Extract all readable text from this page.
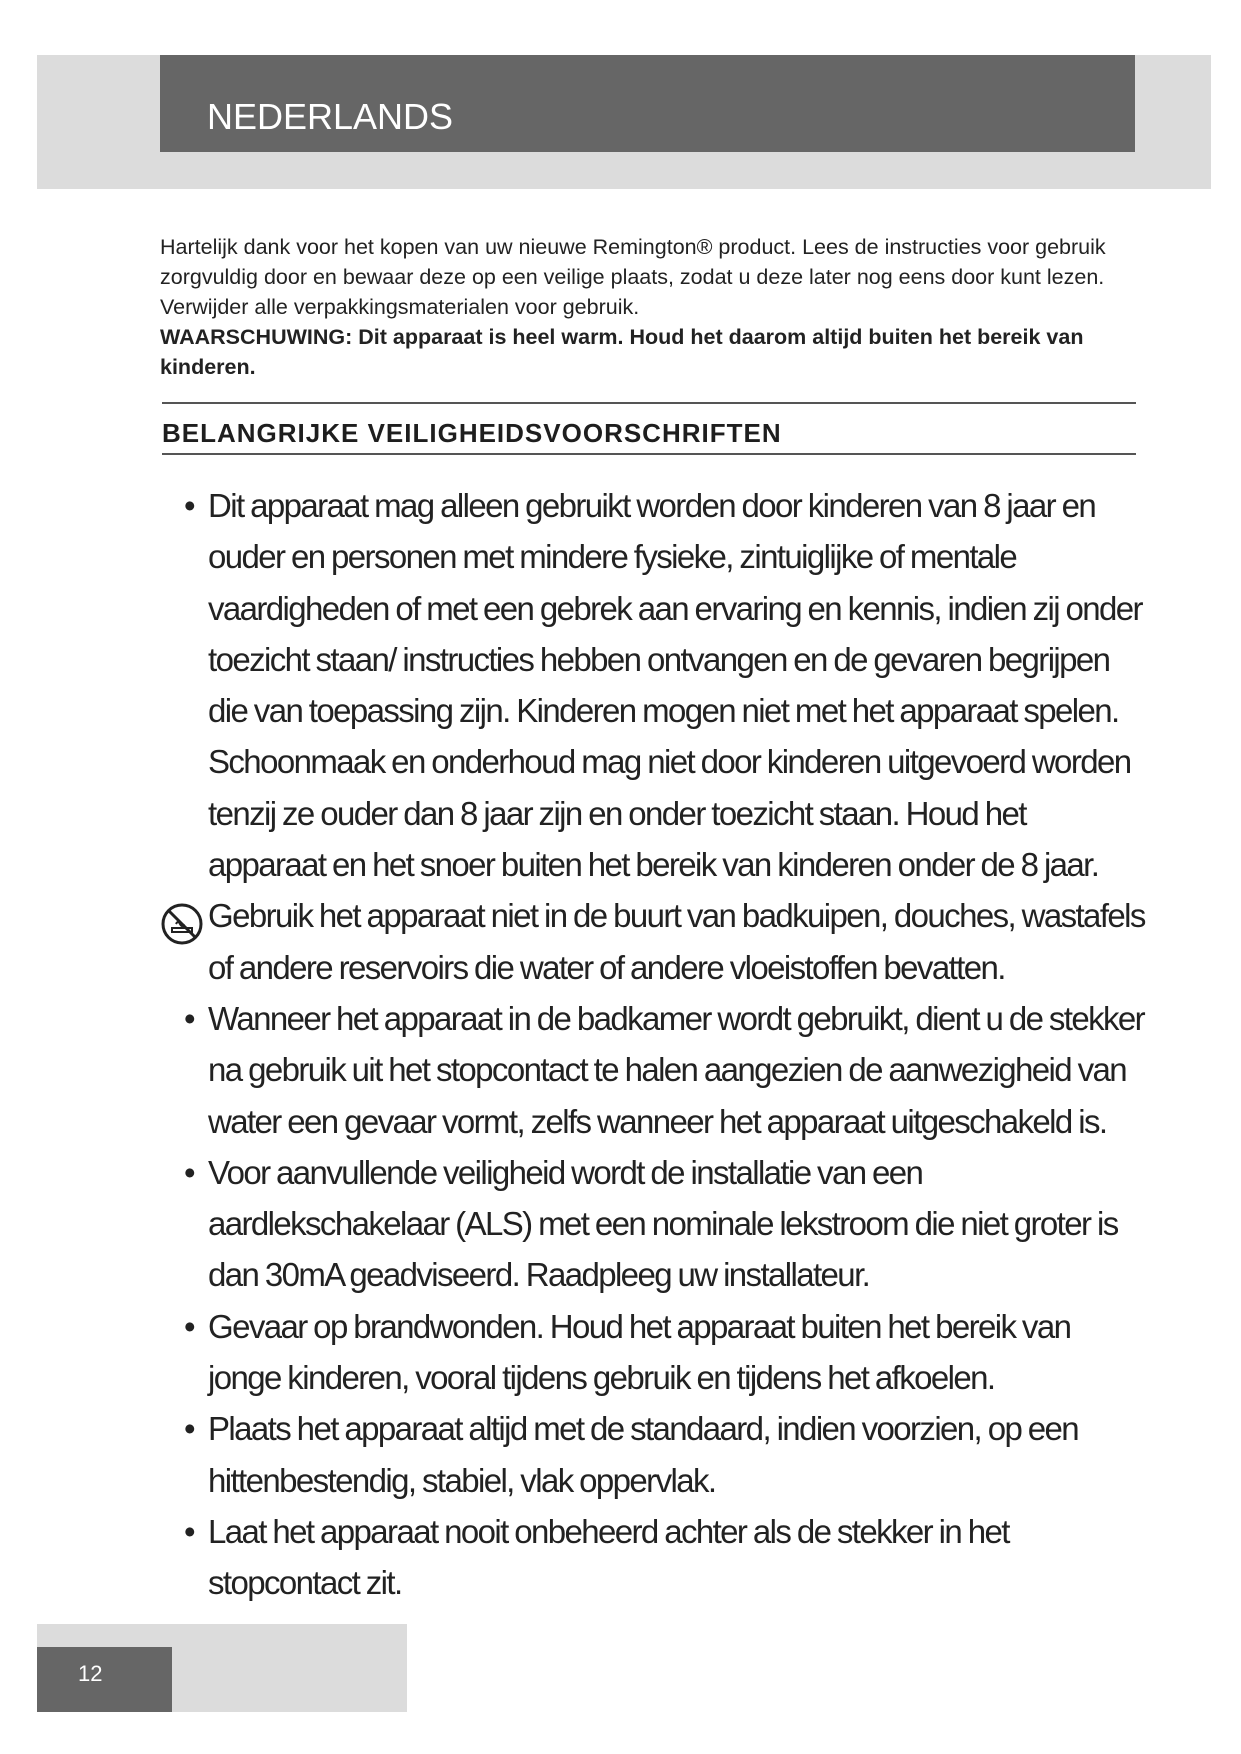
NEDERLANDS

Hartelijk dank voor het kopen van uw nieuwe Remington® product. Lees de instructies voor gebruik zorgvuldig door en bewaar deze op een veilige plaats, zodat u deze later nog eens door kunt lezen. Verwijder alle verpakkingsmaterialen voor gebruik.

WAARSCHUWING: Dit apparaat is heel warm. Houd het daarom altijd buiten het bereik van kinderen.

BELANGRIJKE VEILIGHEIDSVOORSCHRIFTEN
• Dit apparaat mag alleen gebruikt worden door kinderen van 8 jaar en ouder en personen met mindere fysieke, zintuiglijke of mentale vaardigheden of met een gebrek aan ervaring en kennis, indien zij onder toezicht staan/ instructies hebben ontvangen en de gevaren begrijpen die van toepassing zijn. Kinderen mogen niet met het apparaat spelen. Schoonmaak en onderhoud mag niet door kinderen uitgevoerd worden tenzij ze ouder dan 8 jaar zijn en onder toezicht staan. Houd het apparaat en het snoer buiten het bereik van kinderen onder de 8 jaar.
Gebruik het apparaat niet in de buurt van badkuipen, douches, wastafels of andere reservoirs die water of andere vloeistoffen bevatten.
• Wanneer het apparaat in de badkamer wordt gebruikt, dient u de stekker na gebruik uit het stopcontact te halen aangezien de aanwezigheid van water een gevaar vormt, zelfs wanneer het apparaat uitgeschakeld is.
• Voor aanvullende veiligheid wordt de installatie van een aardlekschakelaar (ALS) met een nominale lekstroom die niet groter is dan 30mA geadviseerd. Raadpleeg uw installateur.
• Gevaar op brandwonden. Houd het apparaat buiten het bereik van jonge kinderen, vooral tijdens gebruik en tijdens het afkoelen.
• Plaats het apparaat altijd met de standaard, indien voorzien, op een hittenbestendig, stabiel, vlak oppervlak.
• Laat het apparaat nooit onbeheerd achter als de stekker in het stopcontact zit.

12
